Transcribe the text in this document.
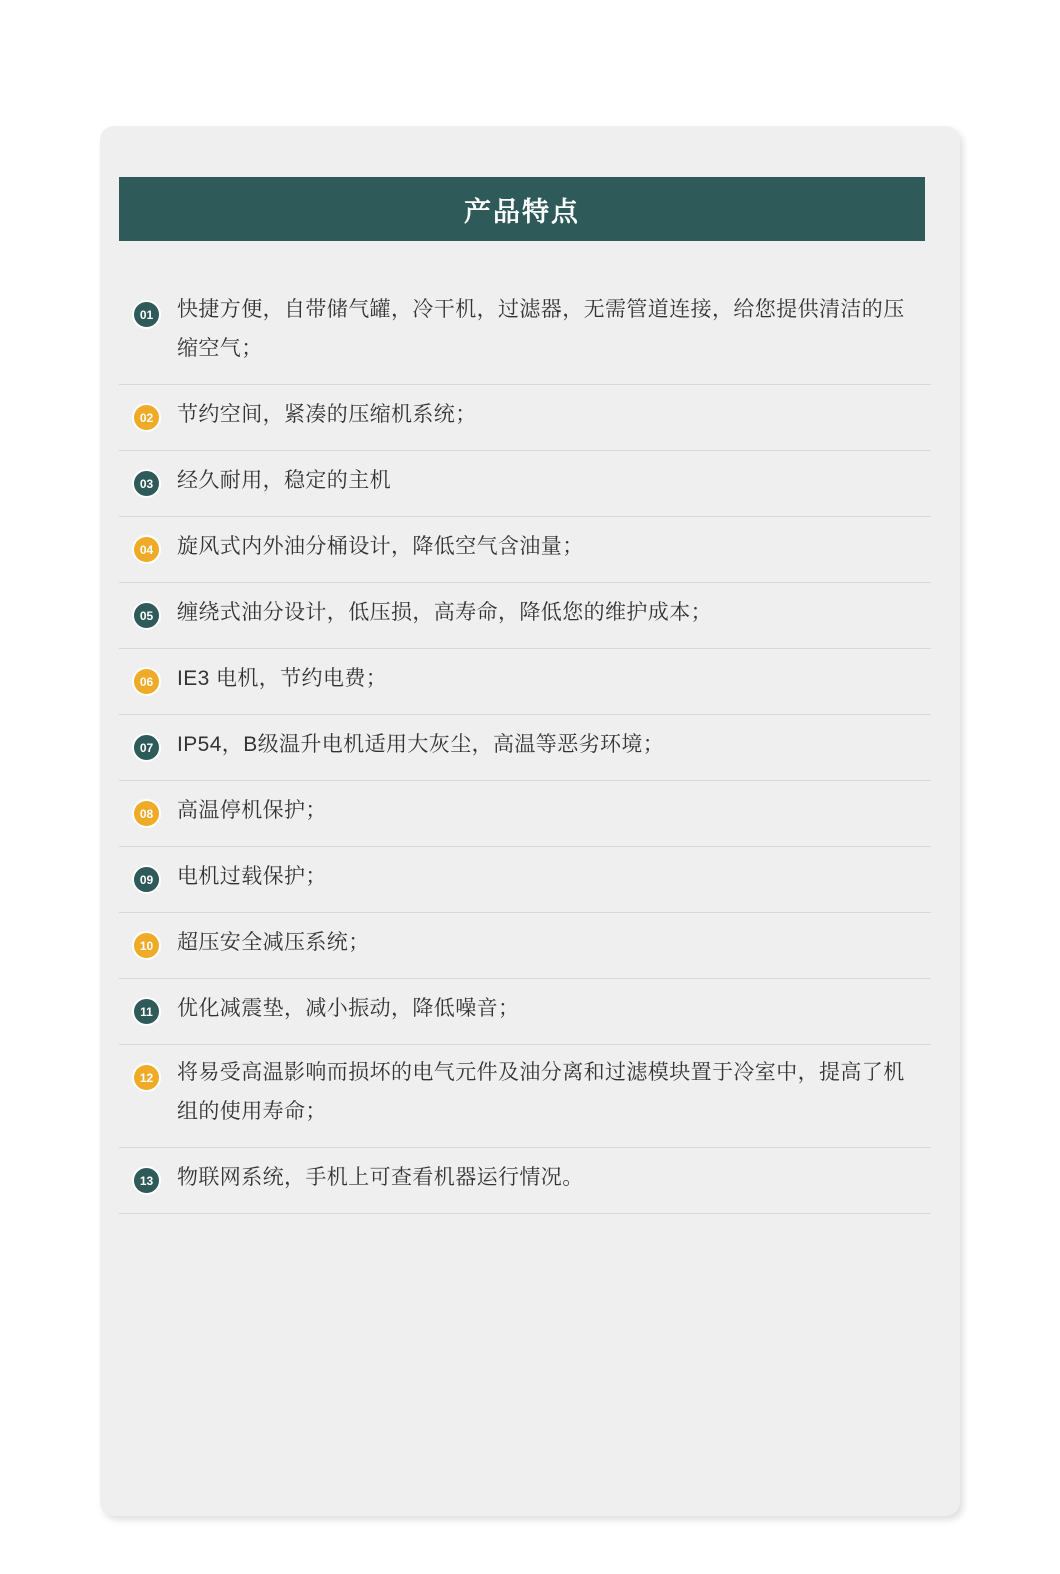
产品特点
01	快捷方便，自带储气罐，冷干机，过滤器，无需管道连接，给您提供清洁的压缩空气；
02	节约空间，紧凑的压缩机系统；
03	经久耐用，稳定的主机
04	旋风式内外油分桶设计，降低空气含油量；
05	缠绕式油分设计，低压损，高寿命，降低您的维护成本；
06	IE3 电机，节约电费；
07	IP54，B级温升电机适用大灰尘，高温等恶劣环境；
08	高温停机保护；
09	电机过载保护；
10	超压安全减压系统；
11	优化减震垫，减小振动，降低噪音；
12	将易受高温影响而损坏的电气元件及油分离和过滤模块置于冷室中，提高了机组的使用寿命；
13	物联网系统，手机上可查看机器运行情况。
